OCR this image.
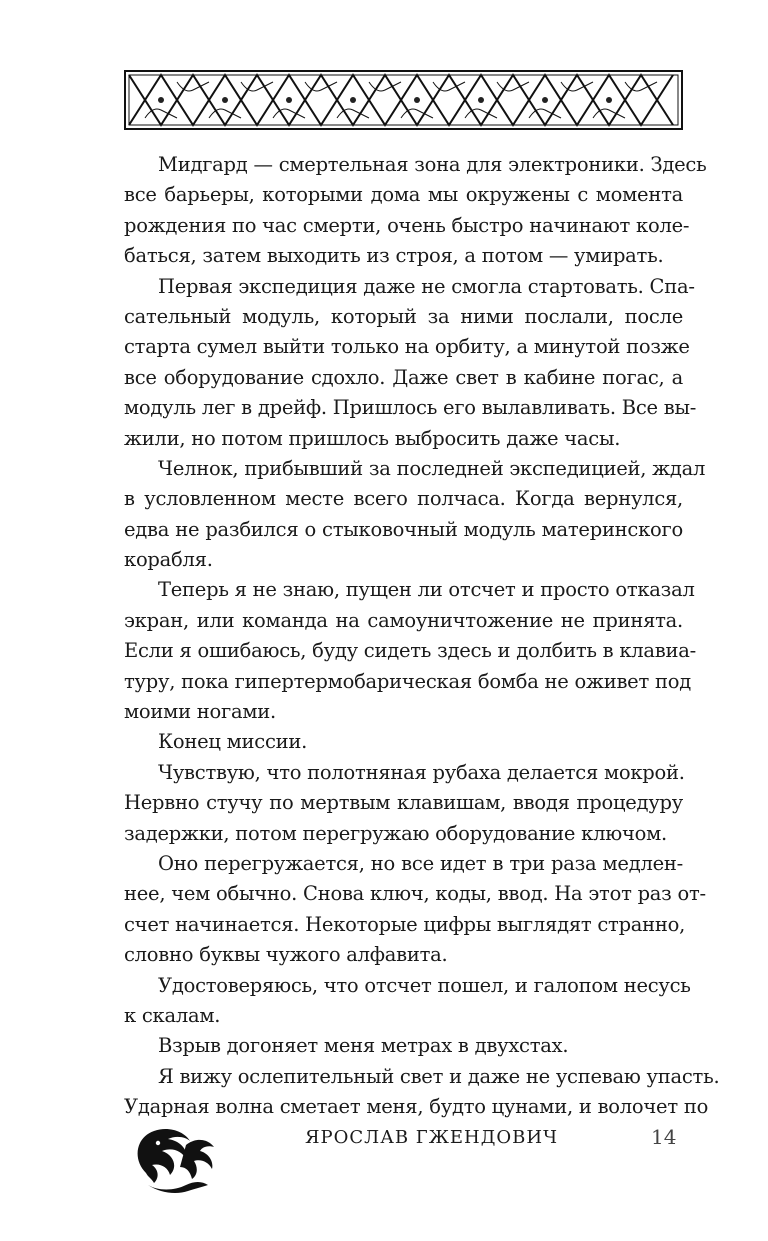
Мидгард — смертельная зона для электроники. Здесь
все барьеры, которыми дома мы окружены с момента
рождения по час смерти, очень быстро начинают коле-
баться, затем выходить из строя, а потом — умирать.
Первая экспедиция даже не смогла стартовать. Спа-
сательный модуль, который за ними послали, после
старта сумел выйти только на орбиту, а минутой позже
все оборудование сдохло. Даже свет в кабине погас, а
модуль лег в дрейф. Пришлось его вылавливать. Все вы-
жили, но потом пришлось выбросить даже часы.
Челнок, прибывший за последней экспедицией, ждал
в условленном месте всего полчаса. Когда вернулся,
едва не разбился о стыковочный модуль материнского
корабля.
Теперь я не знаю, пущен ли отсчет и просто отказал
экран, или команда на самоуничтожение не принята.
Если я ошибаюсь, буду сидеть здесь и долбить в клавиа-
туру, пока гипертермобарическая бомба не оживет под
моими ногами.
Конец миссии.
Чувствую, что полотняная рубаха делается мокрой.
Нервно стучу по мертвым клавишам, вводя процедуру
задержки, потом перегружаю оборудование ключом.
Оно перегружается, но все идет в три раза медлен-
нее, чем обычно. Снова ключ, коды, ввод. На этот раз от-
счет начинается. Некоторые цифры выглядят странно,
словно буквы чужого алфавита.
Удостоверяюсь, что отсчет пошел, и галопом несусь
к скалам.
Взрыв догоняет меня метрах в двухстах.
Я вижу ослепительный свет и даже не успеваю упасть.
Ударная волна сметает меня, будто цунами, и волочет по
ЯРОСЛАВ ГЖЕНДОВИЧ	14
